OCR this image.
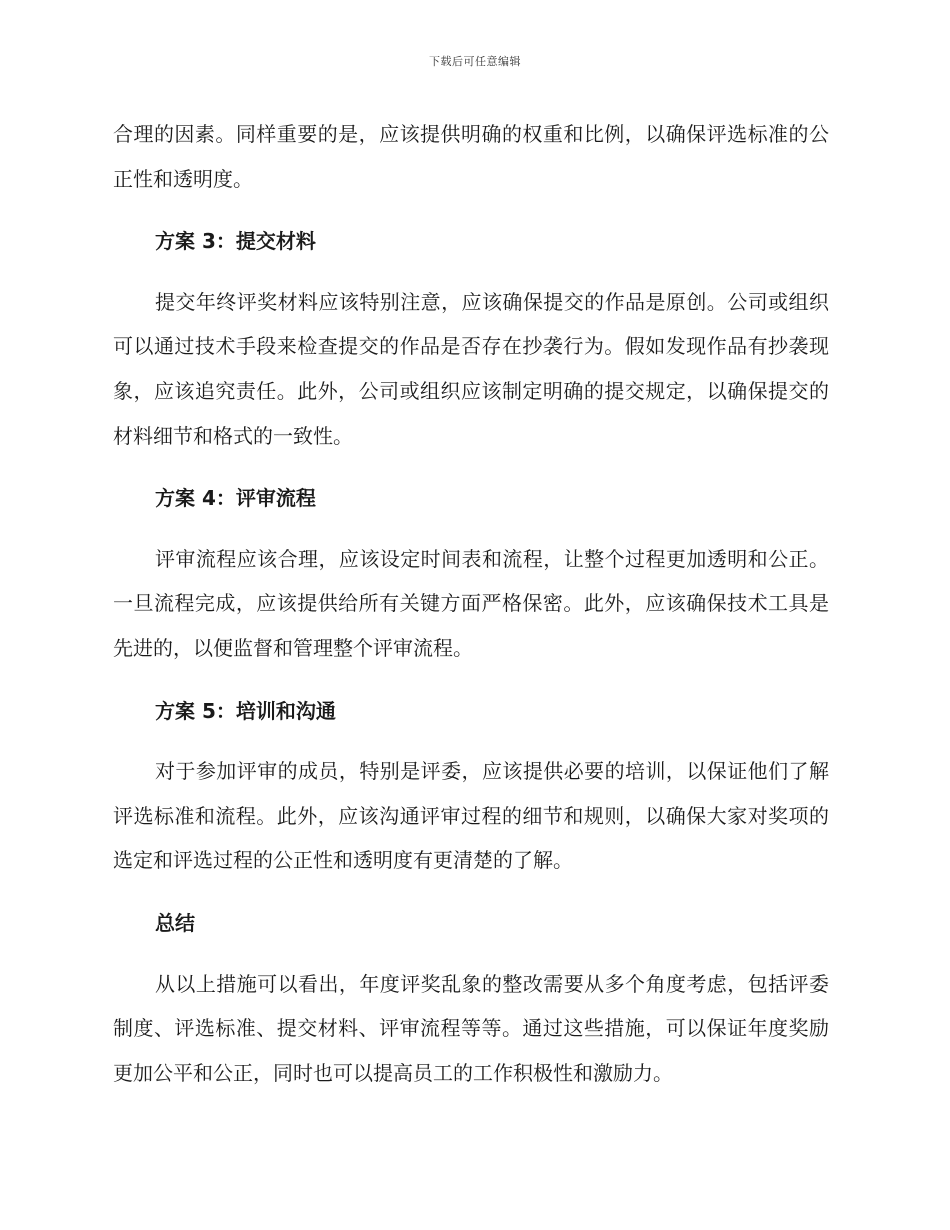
下载后可任意编辑

合理的因素。同样重要的是，应该提供明确的权重和比例，以确保评选标准的公正性和透明度。

方案 3：提交材料

提交年终评奖材料应该特别注意，应该确保提交的作品是原创。公司或组织可以通过技术手段来检查提交的作品是否存在抄袭行为。假如发现作品有抄袭现象，应该追究责任。此外，公司或组织应该制定明确的提交规定，以确保提交的材料细节和格式的一致性。

方案 4：评审流程

评审流程应该合理，应该设定时间表和流程，让整个过程更加透明和公正。一旦流程完成，应该提供给所有关键方面严格保密。此外，应该确保技术工具是先进的，以便监督和管理整个评审流程。

方案 5：培训和沟通

对于参加评审的成员，特别是评委，应该提供必要的培训，以保证他们了解评选标准和流程。此外，应该沟通评审过程的细节和规则，以确保大家对奖项的选定和评选过程的公正性和透明度有更清楚的了解。

总结

从以上措施可以看出，年度评奖乱象的整改需要从多个角度考虑，包括评委制度、评选标准、提交材料、评审流程等等。通过这些措施，可以保证年度奖励更加公平和公正，同时也可以提高员工的工作积极性和激励力。
